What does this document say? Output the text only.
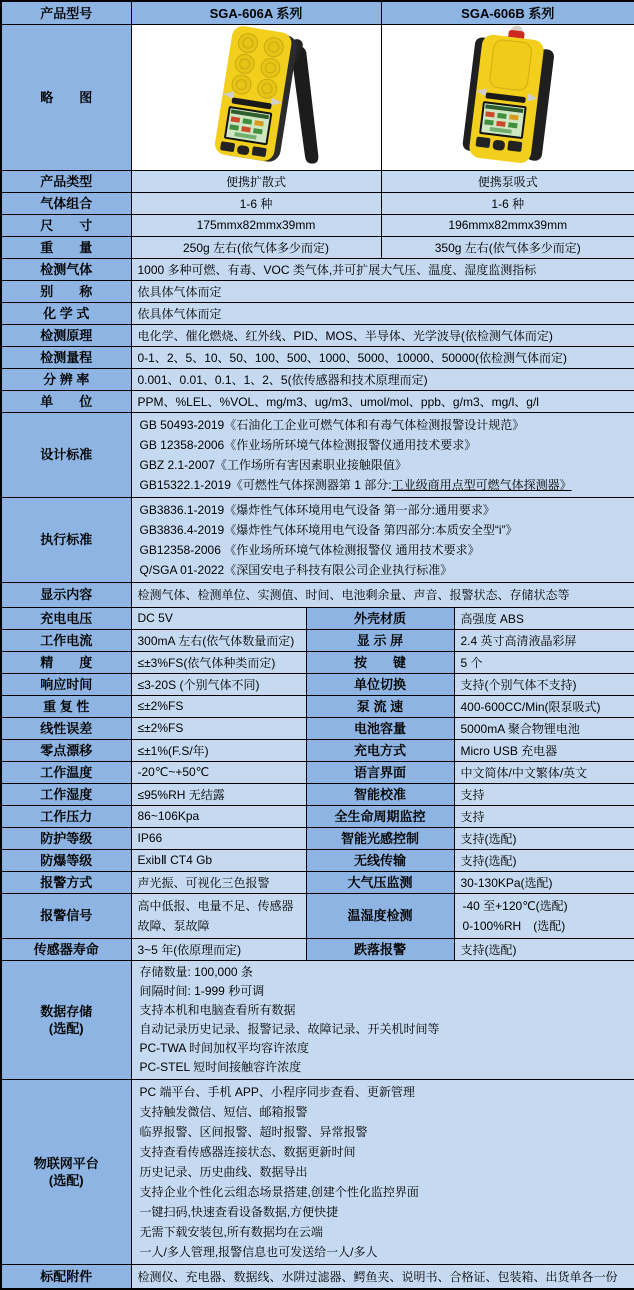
产品型号	SGA-606A 系列		SGA-606B 系列	
略　　图		
产品类型	便携扩散式		便携泵吸式	
气体组合	1-6 种		1-6 种	
尺　　寸	175mmx82mmx39mm		196mmx82mmx39mm	
重　　量	250g 左右(依气体多少而定)		350g 左右(依气体多少而定)	
检测气体	1000 多种可燃、有毒、VOC 类气体,并可扩展大气压、温度、湿度监测指标			
别　　称	依具体气体而定			
化 学 式	依具体气体而定			
检测原理	电化学、催化燃烧、红外线、PID、MOS、半导体、光学波导(依检测气体而定)			
检测量程	0-1、2、5、10、50、100、500、1000、5000、10000、50000(依检测气体而定)			
分 辨 率	0.001、0.01、0.1、1、2、5(依传感器和技术原理而定)			
单　　位	PPM、%LEL、%VOL、mg/m3、ug/m3、umol/mol、ppb、g/m3、mg/l、g/l			
设计标准	GB 50493-2019《石油化工企业可燃气体和有毒气体检测报警设计规范》
GB 12358-2006《作业场所环境气体检测报警仪通用技术要求》
GBZ 2.1-2007《工作场所有害因素职业接触限值》
GB15322.1-2019《可燃性气体探测器第 1 部分:工业级商用点型可燃气体探测器》			

执行标准	GB3836.1-2019《爆炸性气体环境用电气设备 第一部分:通用要求》
GB3836.4-2019《爆炸性气体环境用电气设备 第四部分:本质安全型“i”》
GB12358-2006 《作业场所环境气体检测报警仪 通用技术要求》
Q/SGA 01-2022《深国安电子科技有限公司企业执行标准》			

显示内容	检测气体、检测单位、实测值、时间、电池剩余量、声音、报警状态、存储状态等			
充电电压	DC 5V	外壳材质		高强度 ABS
工作电流	300mA 左右(依气体数量而定)	显 示 屏		2.4 英寸高清液晶彩屏
精　　度	≤±3%FS(依气体种类而定)	按　　键		5 个
响应时间	≤3-20S (个别气体不同)	单位切换		支持(个别气体不支持)
重 复 性	≤±2%FS	泵 流 速		400-600CC/Min(限泵吸式)
线性误差	≤±2%FS	电池容量		5000mA 聚合物锂电池
零点漂移	≤±1%(F.S/年)	充电方式		Micro USB 充电器
工作温度	-20℃~+50℃	语言界面		中文简体/中文繁体/英文
工作湿度	≤95%RH 无结露	智能校准		支持
工作压力	86~106Kpa	全生命周期监控		支持
防护等级	IP66	智能光感控制		支持(选配)
防爆等级	ExibⅡ CT4 Gb	无线传输		支持(选配)
报警方式	声光振、可视化三色报警	大气压监测		30-130KPa(选配)
报警信号	高中低报、电量不足、传感器故障、泵故障	温湿度检测		-40 至+120℃(选配)
0-100%RH　(选配)

传感器寿命	3~5 年(依原理而定)	跌落报警		支持(选配)

数据存储
(选配)

存储数量: 100,000 条
间隔时间: 1-999 秒可调
支持本机和电脑查看所有数据
自动记录历史记录、报警记录、故障记录、开关机时间等
PC-TWA 时间加权平均容许浓度
PC-STEL 短时间接触容许浓度

物联网平台
(选配)

PC 端平台、手机 APP、小程序同步查看、更新管理
支持触发微信、短信、邮箱报警
临界报警、区间报警、超时报警、异常报警
支持查看传感器连接状态、数据更新时间
历史记录、历史曲线、数据导出
支持企业个性化云组态场景搭建,创建个性化监控界面
一键扫码,快速查看设备数据,方便快捷
无需下载安装包,所有数据均在云端
一人/多人管理,报警信息也可发送给一人/多人

标配附件	检测仪、充电器、数据线、水阱过滤器、鳄鱼夹、说明书、合格证、包装箱、出货单各一份			
